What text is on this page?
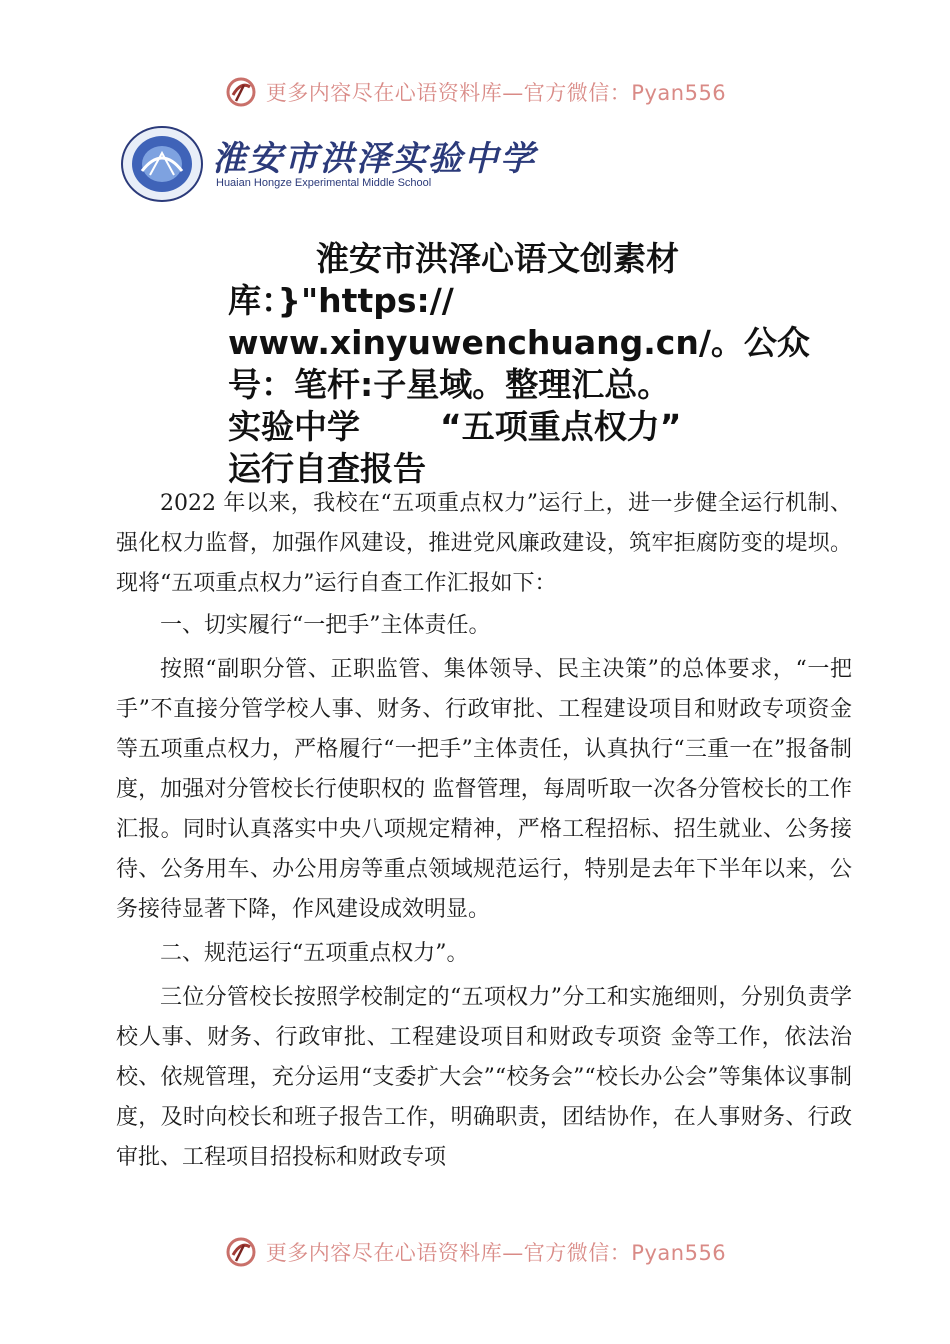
更多内容尽在心语资料库—官方微信：Pyan556
淮安市洪泽实验中学
Huaian Hongze Experimental Middle School
淮安市洪泽心语文创素材
库：}"https://
www.xinyuwenchuang.cn/。公众
号：笔杆:子星域。整理汇总。
实验中学 “五项重点权力”
运行自查报告

2022 年以来，我校在“五项重点权力”运行上，进一步健全运行机制、强化权力监督，加强作风建设，推进党风廉政建设，筑牢拒腐防变的堤坝。现将“五项重点权力”运行自查工作汇报如下：

一、切实履行“一把手”主体责任。

按照“副职分管、正职监管、集体领导、民主决策”的总体要求，“一把手”不直接分管学校人事、财务、行政审批、工程建设项目和财政专项资金等五项重点权力，严格履行“一把手”主体责任，认真执行“三重一在”报备制度，加强对分管校长行使职权的 监督管理，每周听取一次各分管校长的工作汇报。同时认真落实中央八项规定精神，严格工程招标、招生就业、公务接待、公务用车、办公用房等重点领域规范运行，特别是去年下半年以来，公务接待显著下降，作风建设成效明显。

二、规范运行“五项重点权力”。

三位分管校长按照学校制定的“五项权力”分工和实施细则，分别负责学校人事、财务、行政审批、工程建设项目和财政专项资 金等工作，依法治校、依规管理，充分运用“支委扩大会”“校务会”“校长办公会”等集体议事制度，及时向校长和班子报告工作，明确职责，团结协作，在人事财务、行政审批、工程项目招投标和财政专项

更多内容尽在心语资料库—官方微信：Pyan556
